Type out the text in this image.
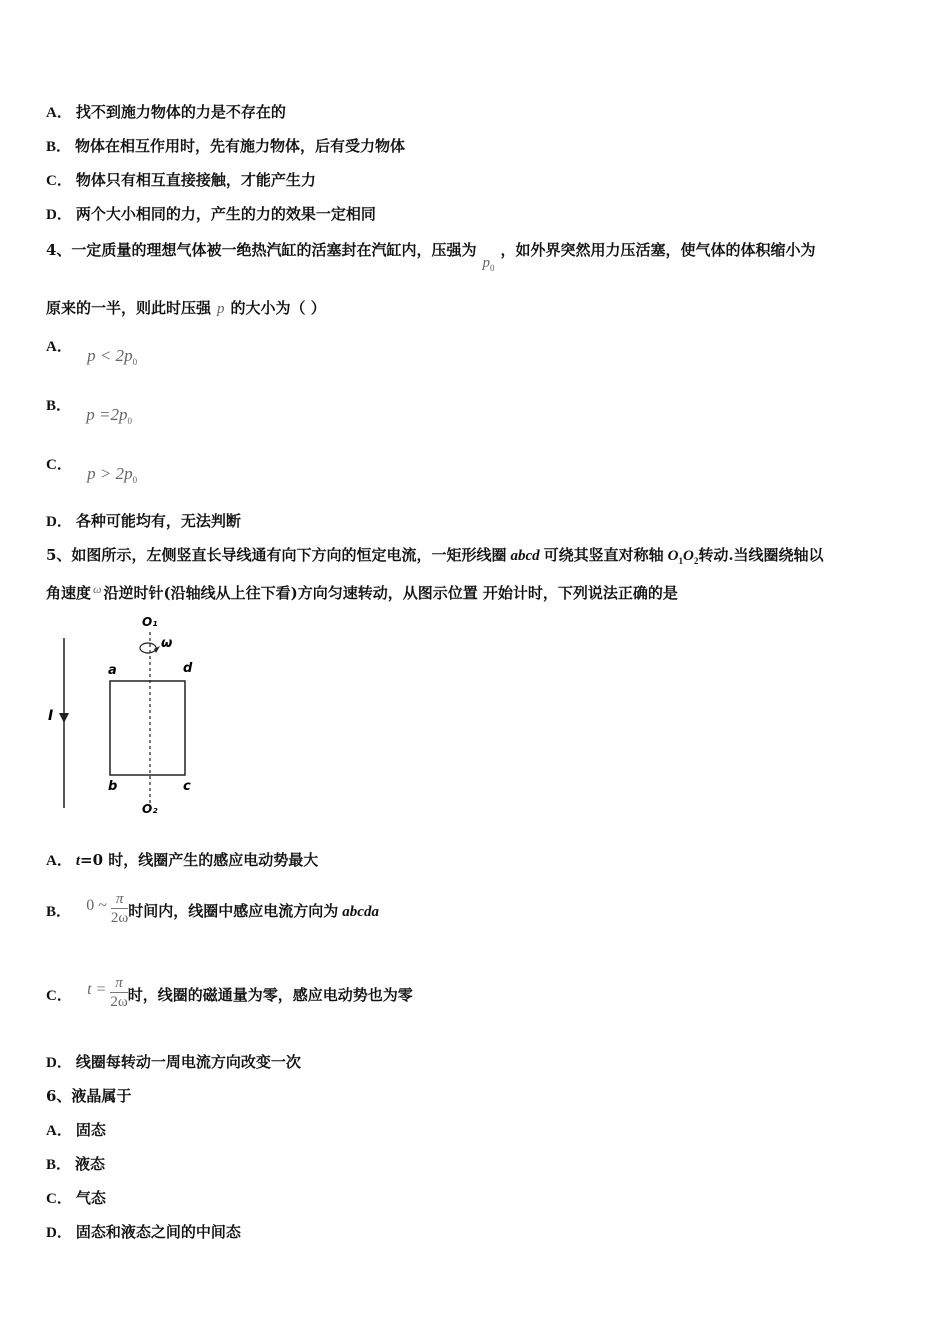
A． 找不到施力物体的力是不存在的
B． 物体在相互作用时，先有施力物体，后有受力物体
C． 物体只有相互直接接触，才能产生力
D． 两个大小相同的力，产生的力的效果一定相同
4、一定质量的理想气体被一绝热汽缸的活塞封在汽缸内，压强为$p_0$，如外界突然用力压活塞，使气体的体积缩小为
原来的一半，则此时压强 p 的大小为（ ）
A． $p < 2p_0$
B． $p =2p_0$
C． $p > 2p_0$
D． 各种可能均有，无法判断
5、如图所示，左侧竖直长导线通有向下方向的恒定电流，一矩形线圈 abcd 可绕其竖直对称轴 $O_1O_2$转动.当线圈绕轴以
角速度 $^\omega$ 沿逆时针(沿轴线从上往下看)方向匀速转动，从图示位置 开始计时，下列说法正确的是
I
O₁
O₂
ω
a	d
b	c
A． t=0 时，线圈产生的感应电动势最大
B． 0 ~ $\frac{\pi}{2\omega}$ 时间内，线圈中感应电流方向为 abcda
C． $t = \frac{\pi}{2\omega}$ 时，线圈的磁通量为零，感应电动势也为零
D． 线圈每转动一周电流方向改变一次
6、液晶属于
A． 固态
B． 液态
C． 气态
D． 固态和液态之间的中间态
